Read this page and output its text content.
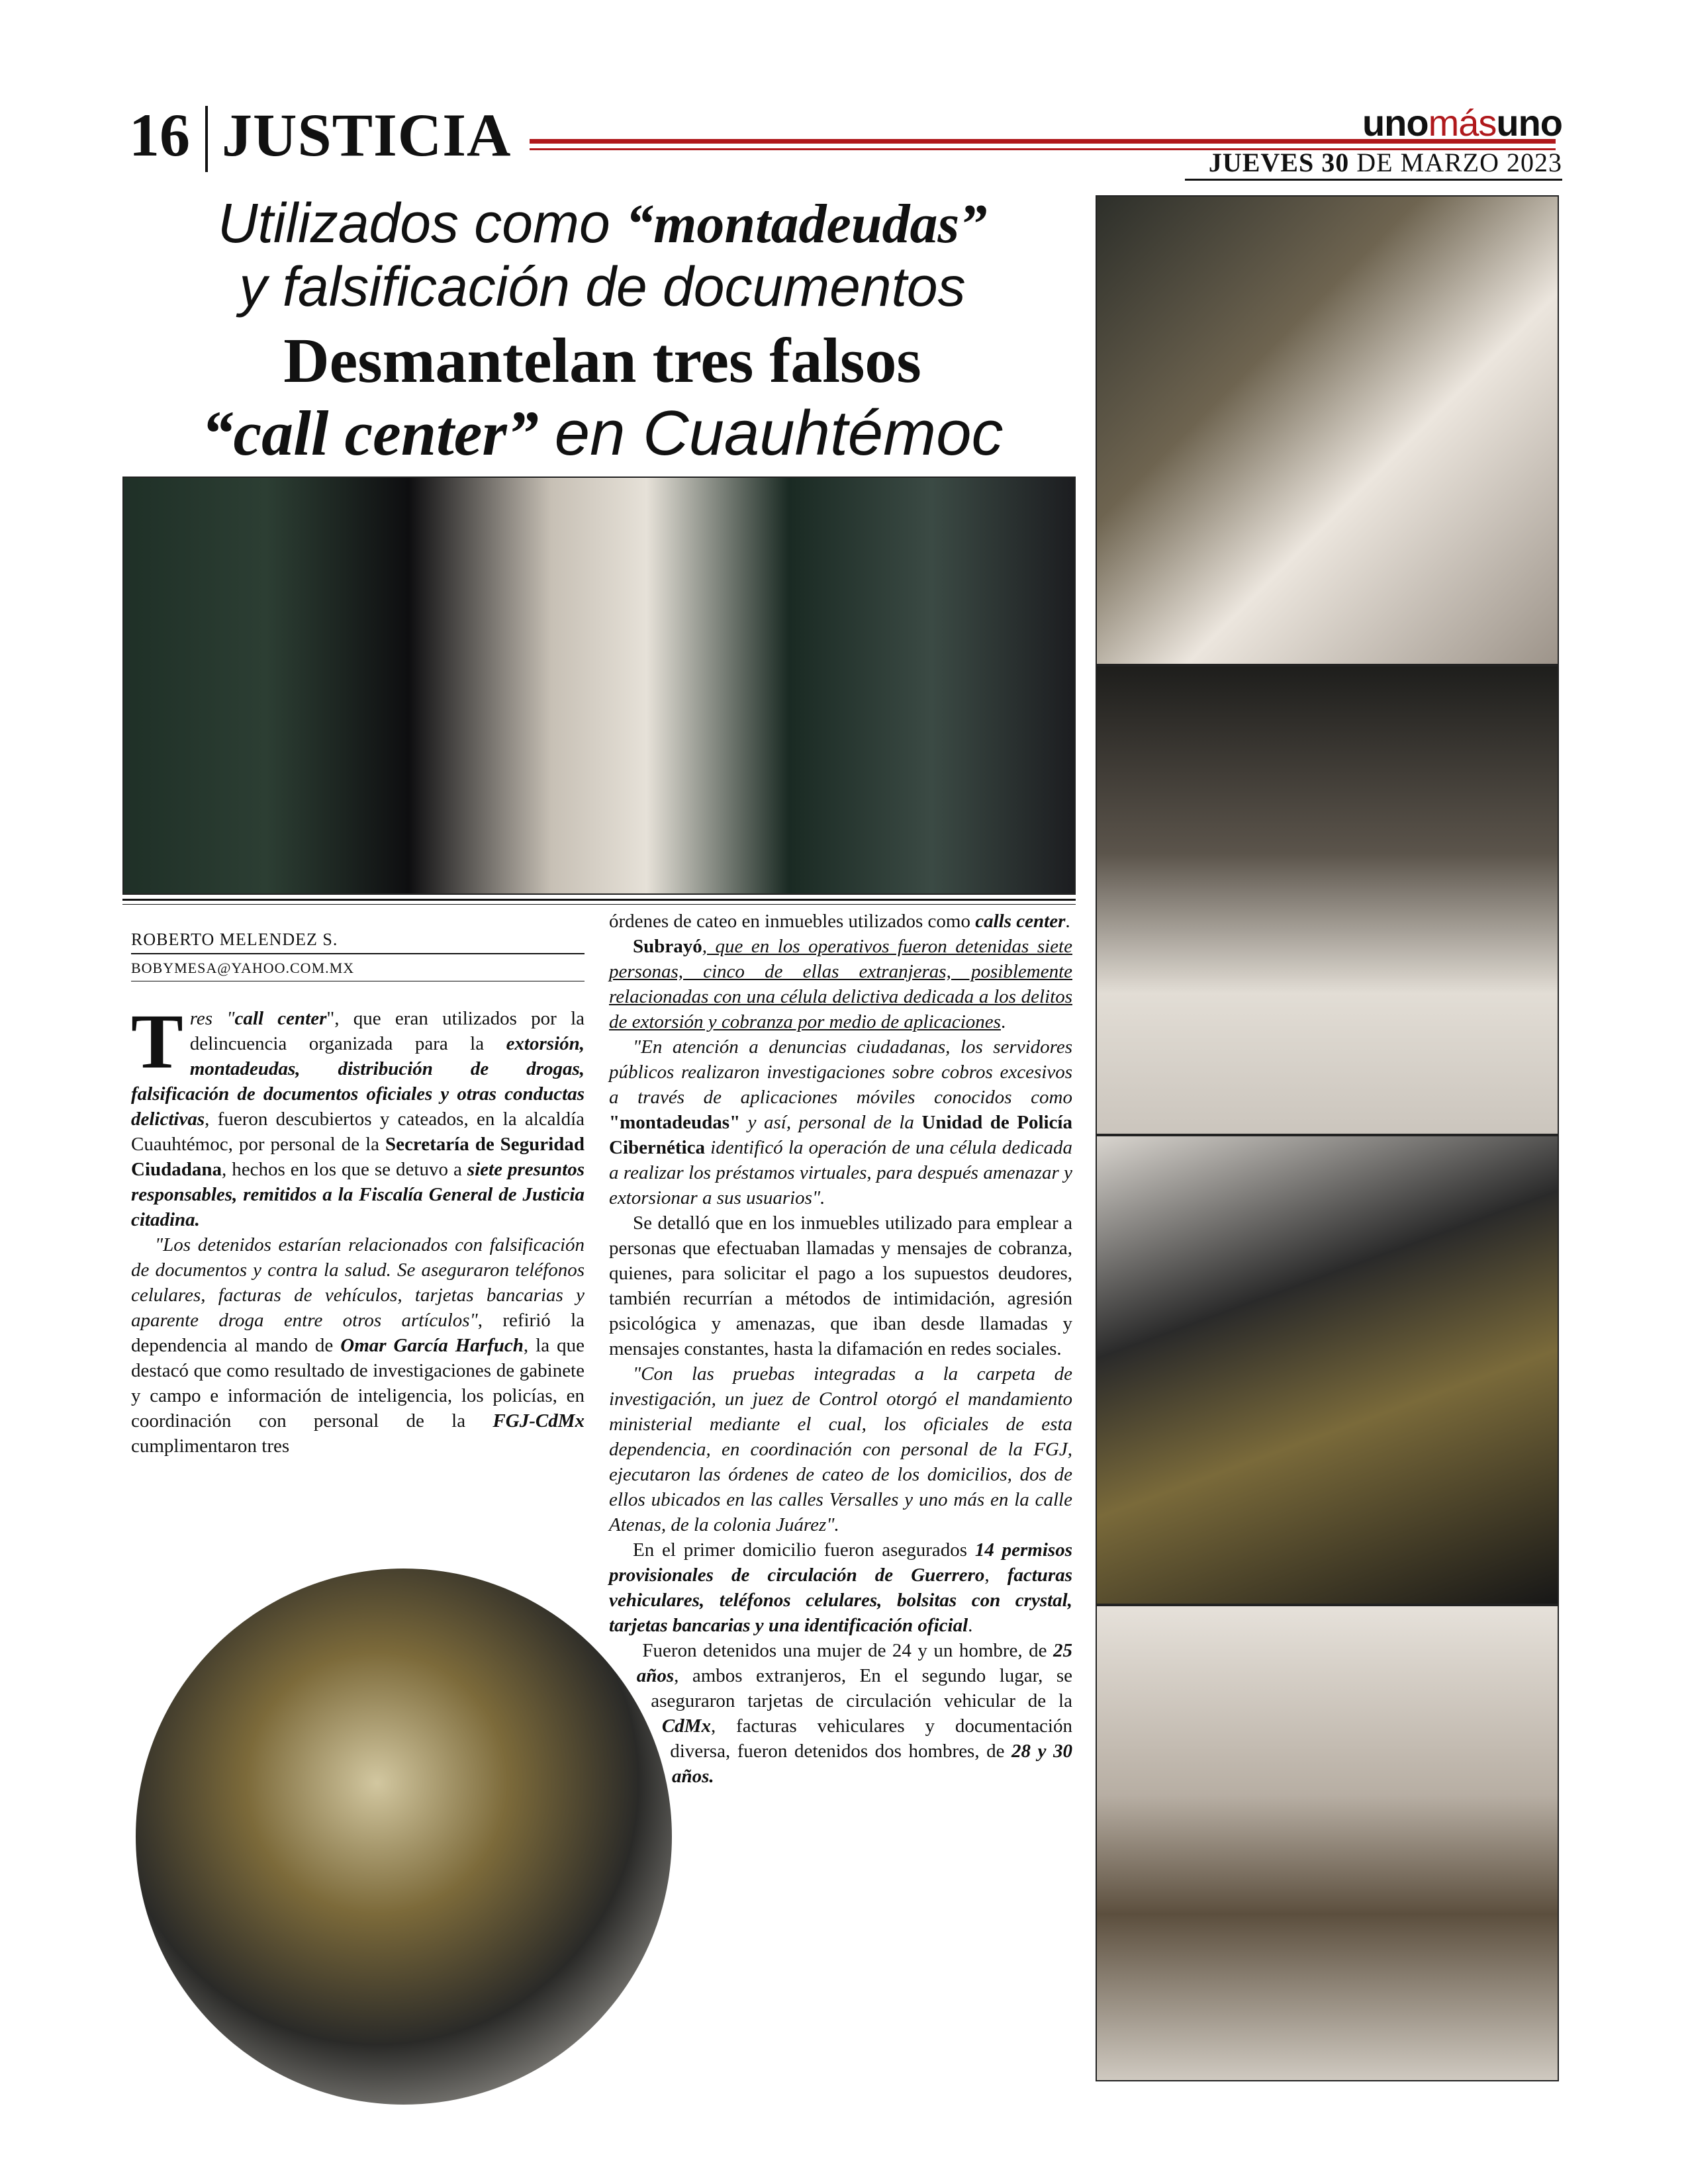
16 JUSTICIA	unomásuno
JUEVES 30 DE MARZO 2023
Utilizados como “montadeudas”
y falsificación de documentos
Desmantelan tres falsos
“call center” en Cuauhtémoc
ROBERTO MELENDEZ S.
BOBYMESA@YAHOO.COM.MX

Tres "call center", que eran utilizados por la delincuencia organizada para la extorsión, montadeudas, distribución de drogas, falsificación de documentos oficiales y otras conductas delictivas, fueron descubiertos y cateados, en la alcaldía Cuauhtémoc, por personal de la Secretaría de Seguridad Ciudadana, hechos en los que se detuvo a siete presuntos responsables, remitidos a la Fiscalía General de Justicia citadina.

"Los detenidos estarían relacionados con falsificación de documentos y contra la salud. Se aseguraron teléfonos celulares, facturas de vehículos, tarjetas bancarias y aparente droga entre otros artículos", refirió la dependencia al mando de Omar García Harfuch, la que destacó que como resultado de investigaciones de gabinete y campo e información de inteligencia, los policías, en coordinación con personal de la FGJ-CdMx cumplimentaron tres

órdenes de cateo en inmuebles utilizados como calls center.

Subrayó, que en los operativos fueron detenidas siete personas, cinco de ellas extranjeras, posiblemente relacionadas con una célula delictiva dedicada a los delitos de extorsión y cobranza por medio de aplicaciones.

"En atención a denuncias ciudadanas, los servidores públicos realizaron investigaciones sobre cobros excesivos a través de aplicaciones móviles conocidos como "montadeudas" y así, personal de la Unidad de Policía Cibernética identificó la operación de una célula dedicada a realizar los préstamos virtuales, para después amenazar y extorsionar a sus usuarios".

Se detalló que en los inmuebles utilizado para emplear a personas que efectuaban llamadas y mensajes de cobranza, quienes, para solicitar el pago a los supuestos deudores, también recurrían a métodos de intimidación, agresión psicológica y amenazas, que iban desde llamadas y mensajes constantes, hasta la difamación en redes sociales.

"Con las pruebas integradas a la carpeta de investigación, un juez de Control otorgó el mandamiento ministerial mediante el cual, los oficiales de esta dependencia, en coordinación con personal de la FGJ, ejecutaron las órdenes de cateo de los domicilios, dos de ellos ubicados en las calles Versalles y uno más en la calle Atenas, de la colonia Juárez".

En el primer domicilio fueron asegurados 14 permisos provisionales de circulación de Guerrero, facturas vehiculares, teléfonos celulares, bolsitas con crystal, tarjetas bancarias y una identificación oficial.

Fueron detenidos una mujer de 24 y un hombre, de 25 años, ambos extranjeros, En el segundo lugar, se aseguraron tarjetas de circulación vehicular de la CdMx, facturas vehiculares y documentación diversa, fueron detenidos dos hombres, de 28 y 30 años.
